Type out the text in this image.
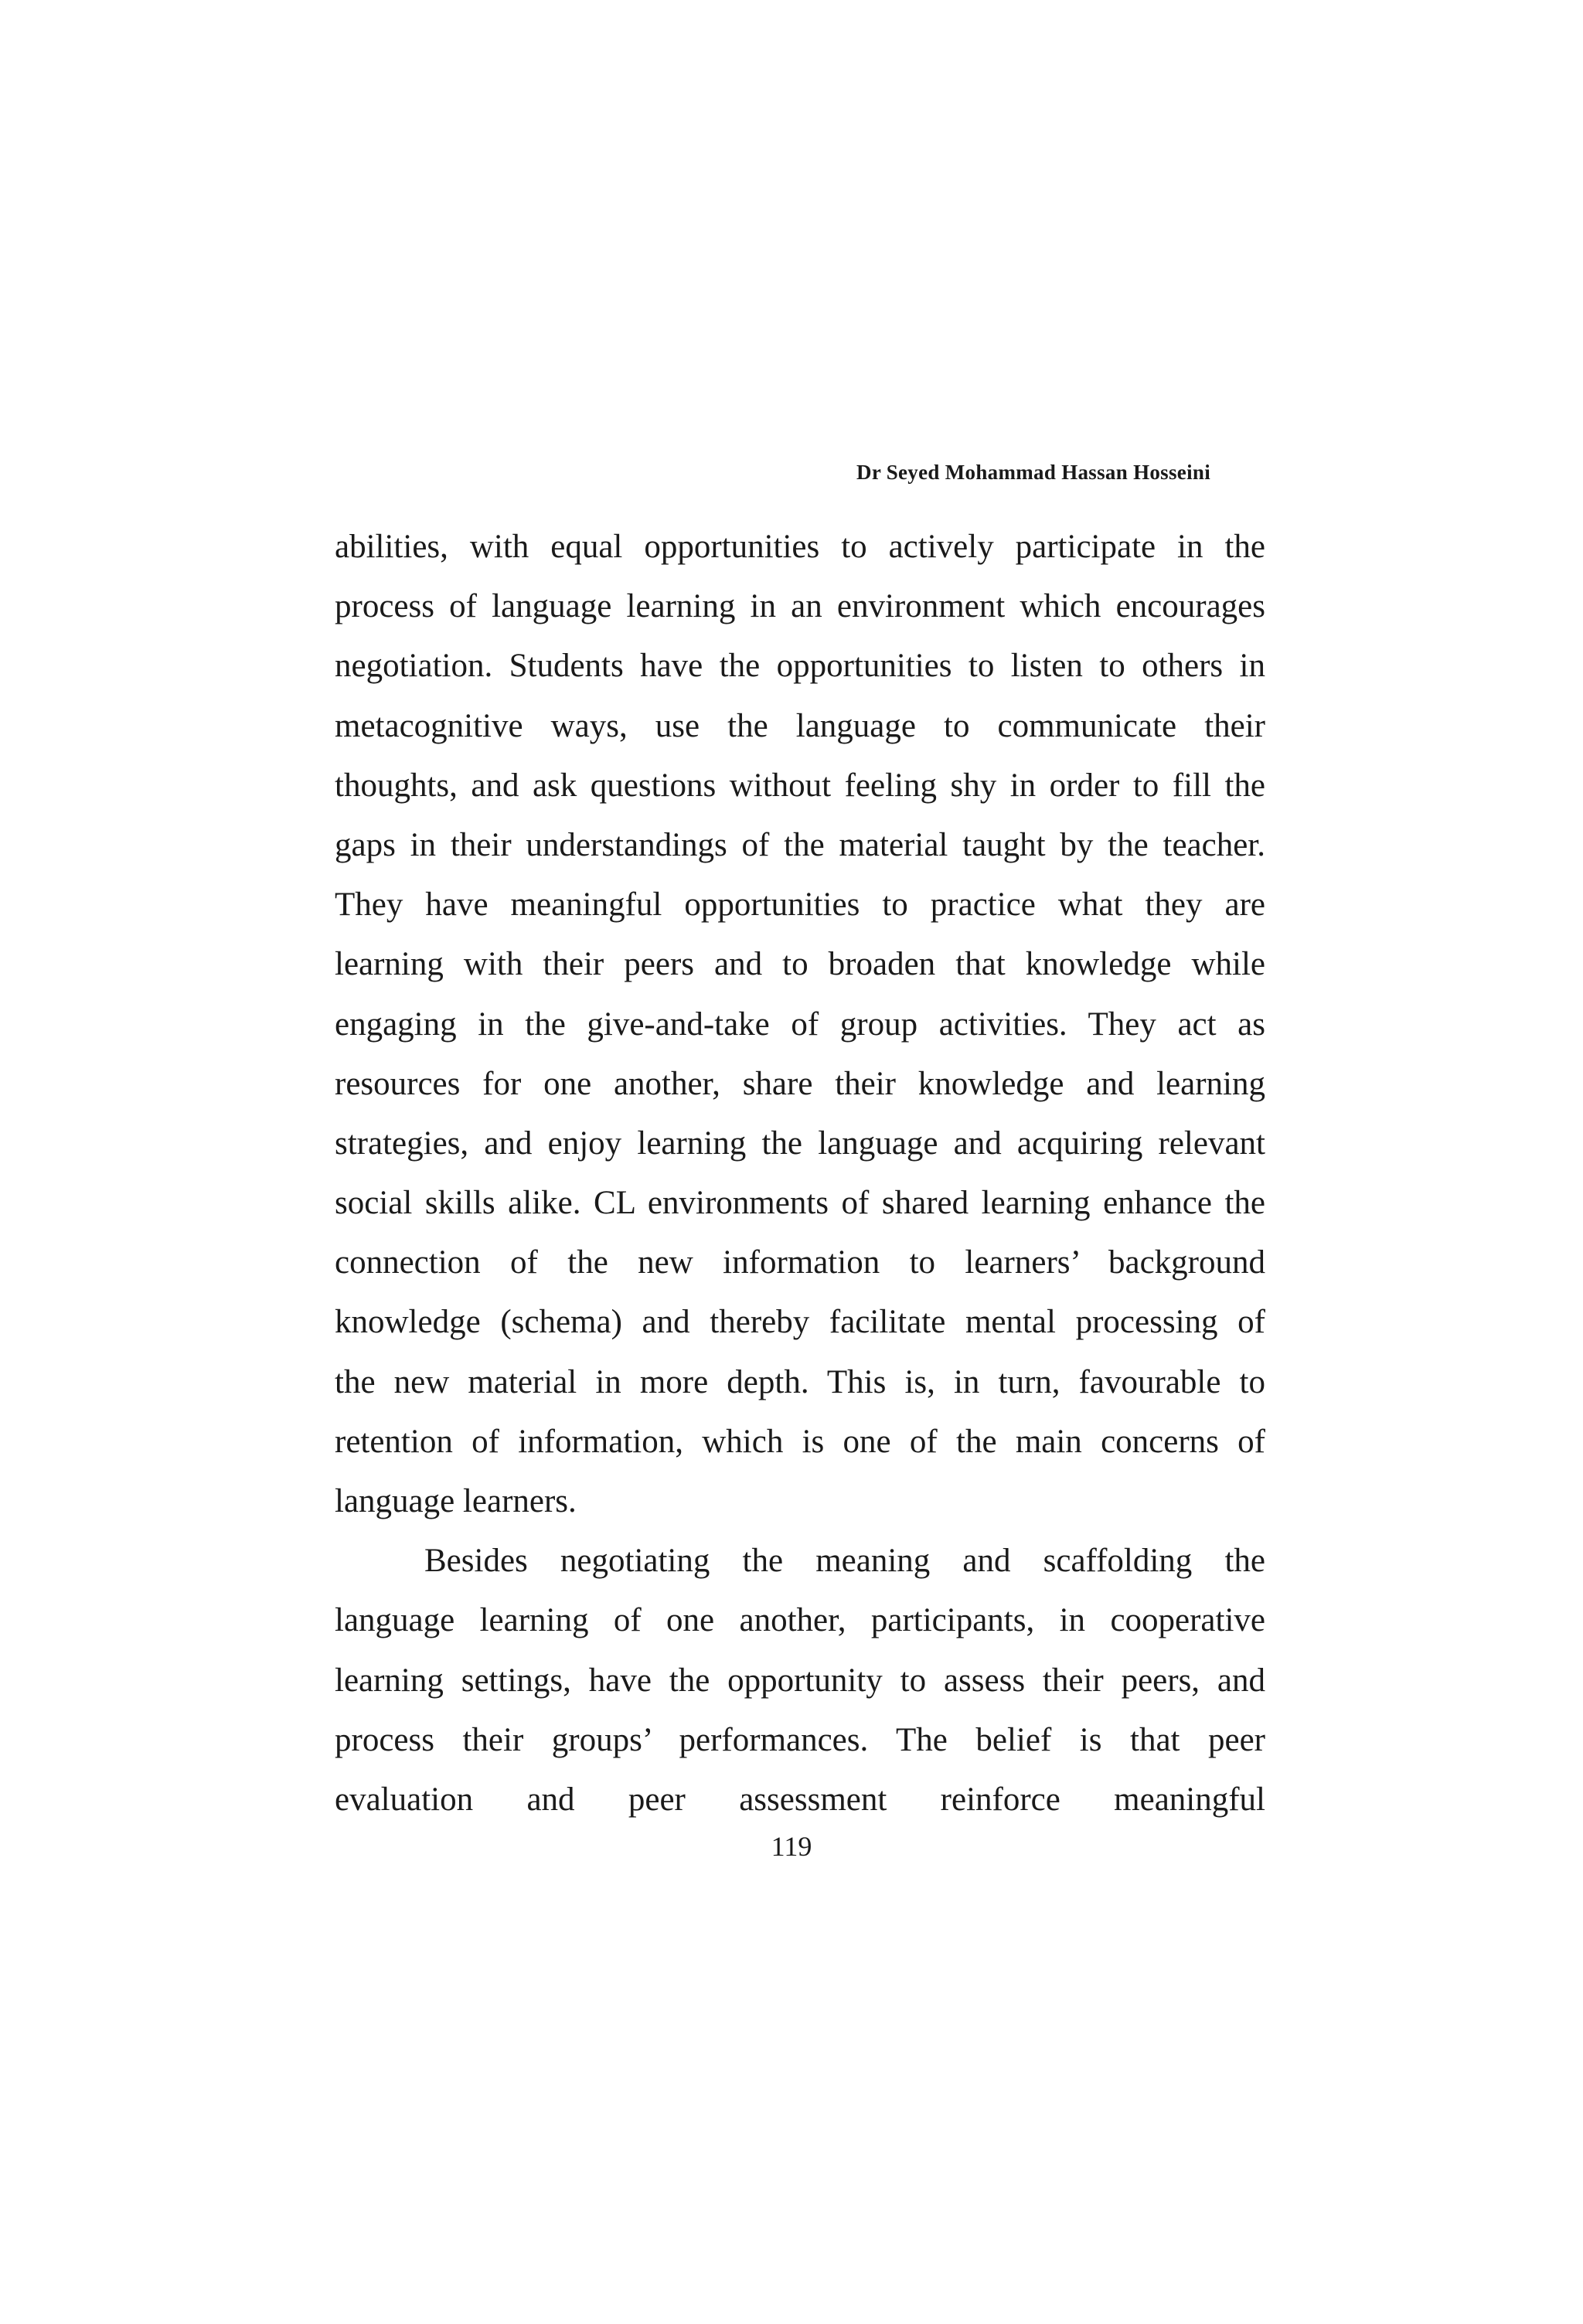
Dr Seyed Mohammad Hassan Hosseini
abilities, with equal opportunities to actively participate in the
process of language learning in an environment which encourages
negotiation. Students have the opportunities to listen to others in
metacognitive ways, use the language to communicate their
thoughts, and ask questions without feeling shy in order to fill the
gaps in their understandings of the material taught by the teacher.
They have meaningful opportunities to practice what they are
learning with their peers and to broaden that knowledge while
engaging in the give-and-take of group activities. They act as
resources for one another, share their knowledge and learning
strategies, and enjoy learning the language and acquiring relevant
social skills alike. CL environments of shared learning enhance the
connection of the new information to learners’ background
knowledge (schema) and thereby facilitate mental processing of
the new material in more depth. This is, in turn, favourable to
retention of information, which is one of the main concerns of
language learners.
Besides negotiating the meaning and scaffolding the
language learning of one another, participants, in cooperative
learning settings, have the opportunity to assess their peers, and
process their groups’ performances. The belief is that peer
evaluation and peer assessment reinforce meaningful
119
